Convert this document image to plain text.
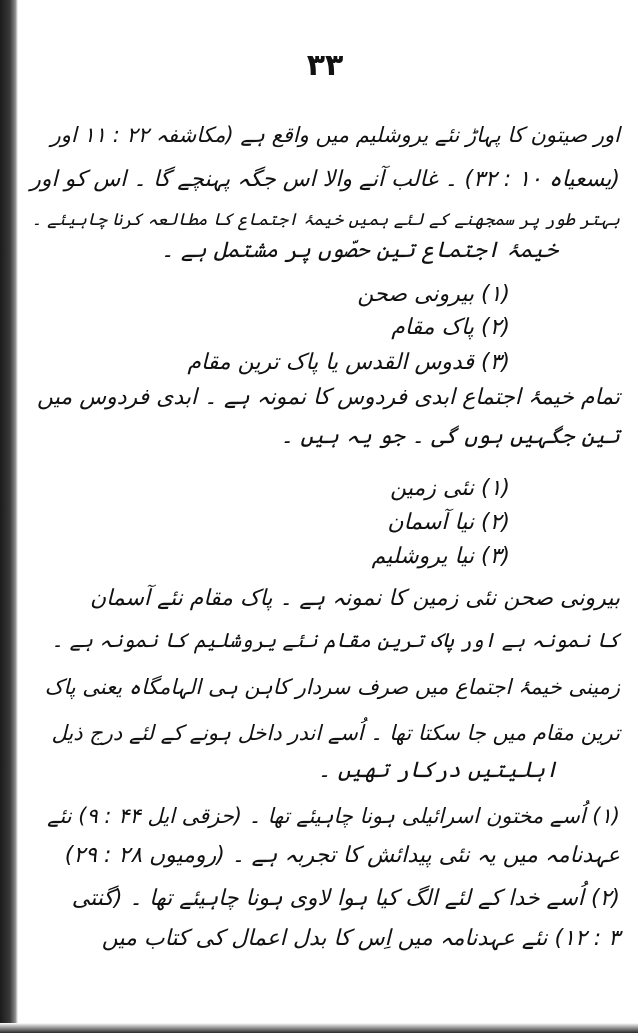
۳۳
اور صیتون کا پہاڑ نئے یروشلیم میں واقع ہے (مکاشفہ ۲۲ : ۱۱ اور
(یسعیاہ ۱۰ : ۳۲) ۔ غالب آنے والا اس جگہ پہنچے گا ۔ اس کو اور
بہتر طور پر سمجھنے کے لئے ہمیں خیمۂ اجتماع کا مطالعہ کرنا چاہیئے ۔
خیمۂ اجتماع تین حصّوں پر مشتمل ہے ۔
(۱) بیرونی صحن
(۲) پاک مقام
(۳) قدوس القدس یا پاک ترین مقام
تمام خیمۂ اجتماع ابدی فردوس کا نمونہ ہے ۔ ابدی فردوس میں
تین جگہیں ہوں گی ۔ جو یہ ہیں ۔
(۱) نئی زمین
(۲) نیا آسمان
(۳) نیا یروشلیم
بیرونی صحن نئی زمین کا نمونہ ہے ۔ پاک مقام نئے آسمان
کا نمونہ ہے اور پاک ترین مقام نئے یروشلیم کا نمونہ ہے ۔
زمینی خیمۂ اجتماع میں صرف سردار کاہن ہی الہامگاہ یعنی پاک
ترین مقام میں جا سکتا تھا ۔ اُسے اندر داخل ہونے کے لئے درج ذیل
اہلیتیں درکار تھیں ۔
(۱) اُسے مختون اسرائیلی ہونا چاہیئے تھا ۔ (حزقی ایل ۴۴ : ۹) نئے
عہدنامہ میں یہ نئی پیدائش کا تجربہ ہے ۔ (رومیوں ۲۸ : ۲۹)
(۲) اُسے خدا کے لئے الگ کیا ہوا لاوی ہونا چاہیئے تھا ۔ (گنتی
۳ : ۱۲) نئے عہدنامہ میں اِس کا بدل اعمال کی کتاب میں
